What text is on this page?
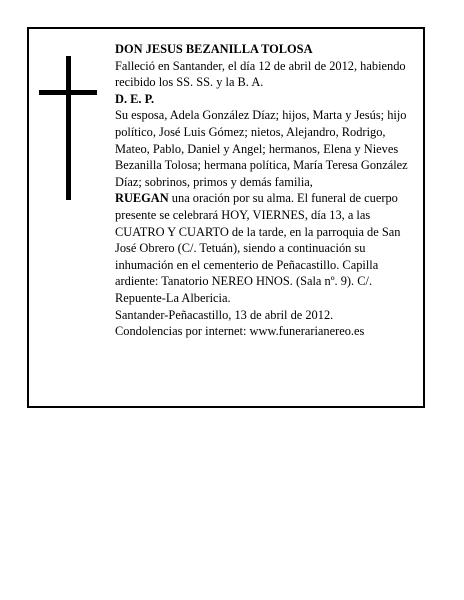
DON JESUS BEZANILLA TOLOSA

Falleció en Santander, el día 12 de abril de 2012, habiendo recibido los SS. SS. y la B. A.

D. E. P.

Su esposa, Adela González Díaz; hijos, Marta y Jesús; hijo político, José Luis Gómez; nietos, Alejandro, Rodrigo, Mateo, Pablo, Daniel y Angel; hermanos, Elena y Nieves Bezanilla Tolosa; hermana política, María Teresa González Díaz; sobrinos, primos y demás familia,

RUEGAN una oración por su alma. El funeral de cuerpo presente se celebrará HOY, VIERNES, día 13, a las CUATRO Y CUARTO de la tarde, en la parroquia de San José Obrero (C/. Tetuán), siendo a continuación su inhumación en el cementerio de Peñacastillo. Capilla ardiente: Tanatorio NEREO HNOS. (Sala nº. 9). C/. Repuente-La Albericia.

Santander-Peñacastillo, 13 de abril de 2012.

Condolencias por internet: www.funerarianereo.es
